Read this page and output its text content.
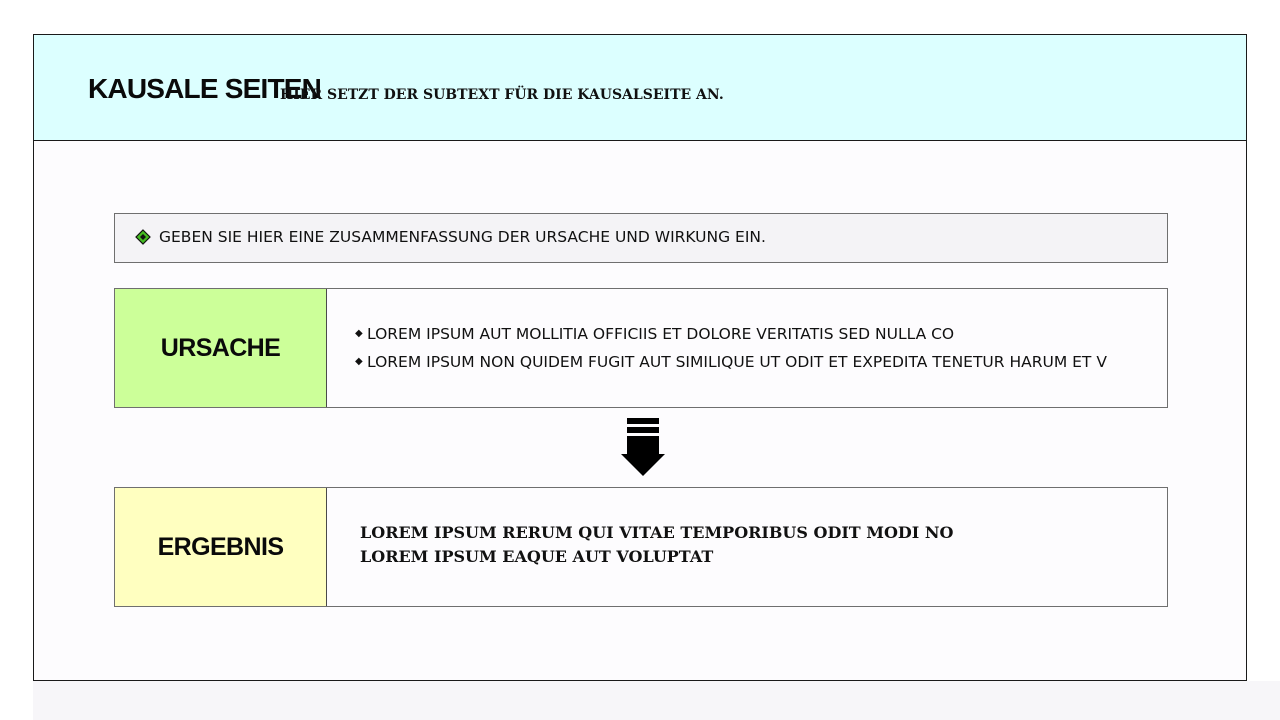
KAUSALE SEITEN
HIER SETZT DER SUBTEXT FÜR DIE KAUSALSEITE AN.
GEBEN SIE HIER EINE ZUSAMMENFASSUNG DER URSACHE UND WIRKUNG EIN.
URSACHE
◆ LOREM IPSUM AUT MOLLITIA OFFICIIS ET DOLORE VERITATIS SED NULLA CO
◆ LOREM IPSUM NON QUIDEM FUGIT AUT SIMILIQUE UT ODIT ET EXPEDITA TENETUR HARUM ET V
ERGEBNIS
LOREM IPSUM RERUM QUI VITAE TEMPORIBUS ODIT MODI NO
LOREM IPSUM EAQUE AUT VOLUPTAT
